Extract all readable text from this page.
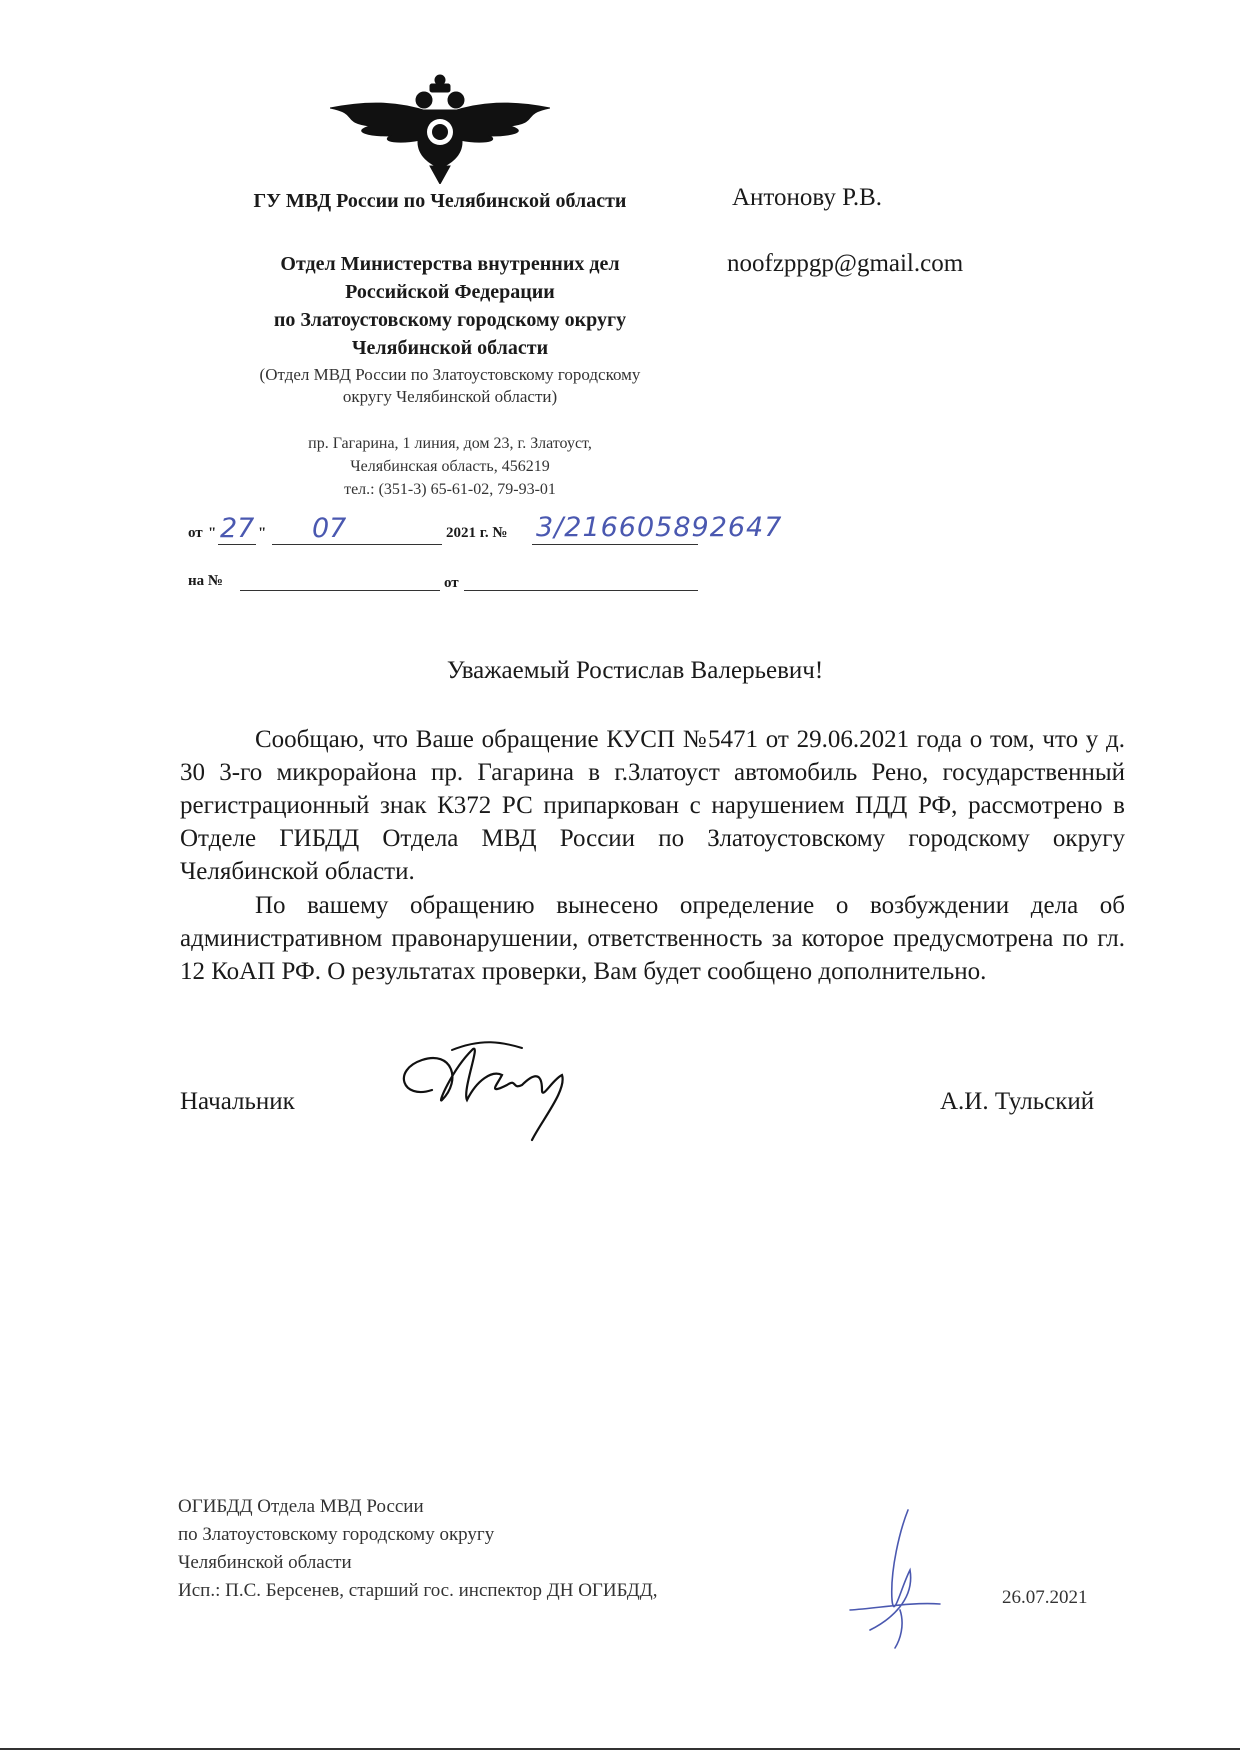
ГУ МВД России по Челябинской области
Отдел Министерства внутренних дел
Российской Федерации
по Златоустовскому городскому округу
Челябинской области
(Отдел МВД России по Златоустовскому городскому
округу Челябинской области)
пр. Гагарина, 1 линия, дом 23, г. Златоуст,
Челябинская область, 456219
тел.: (351-3) 65-61-02, 79-93-01
Антонову Р.В.
noofzppgp@gmail.com
от " 27 " 07	2021 г. № 3/216605892647
на №	от
Уважаемый Ростислав Валерьевич!
Сообщаю, что Ваше обращение КУСП №5471 от 29.06.2021 года о том, что у д. 30 3-го микрорайона пр. Гагарина в г.Златоуст автомобиль Рено, государственный регистрационный знак К372 РС припаркован с нарушением ПДД РФ, рассмотрено в Отделе ГИБДД Отдела МВД России по Златоустовскому городскому округу Челябинской области.
По вашему обращению вынесено определение о возбуждении дела об административном правонарушении, ответственность за которое предусмотрена по гл. 12 КоАП РФ. О результатах проверки, Вам будет сообщено дополнительно.
Начальник	А.И. Тульский
ОГИБДД Отдела МВД России
по Златоустовскому городскому округу
Челябинской области
Исп.: П.С. Берсенев, старший гос. инспектор ДН ОГИБДД,	26.07.2021
